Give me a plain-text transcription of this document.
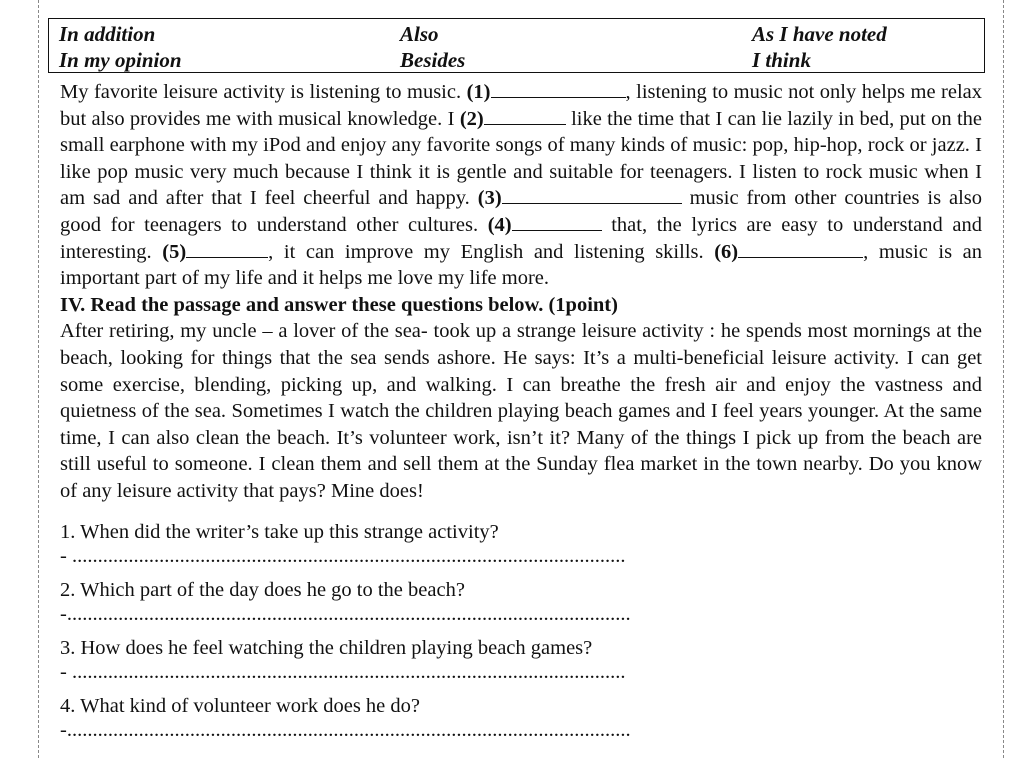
In addition	Also	As I have noted
In my opinion	Besides	I think

My favorite leisure activity is listening to music. (1)	, listening to music not only helps me relax but also provides me with musical knowledge. I (2)	like the time that I can lie lazily in bed, put on the small earphone with my iPod and enjoy any favorite songs of many kinds of music: pop, hip-hop, rock or jazz. I like pop music very much because I think it is gentle and suitable for teenagers. I listen to rock music when I am sad and after that I feel cheerful and happy. (3)	music from other countries is also good for teenagers to understand other cultures. (4)	that, the lyrics are easy to understand and interesting. (5)	, it can improve my English and listening skills. (6)	, music is an important part of my life and it helps me love my life more.

IV. Read the passage and answer these questions below. (1point)

After retiring, my uncle – a lover of the sea- took up a strange leisure activity : he spends most mornings at the beach, looking for things that the sea sends ashore. He says: It’s a multi-beneficial leisure activity. I can get some exercise, blending, picking up, and walking. I can breathe the fresh air and enjoy the vastness and quietness of the sea. Sometimes I watch the children playing beach games and I feel years younger. At the same time, I can also clean the beach. It’s volunteer work, isn’t it? Many of the things I pick up from the beach are still useful to someone. I clean them and sell them at the Sunday flea market in the town nearby. Do you know of any leisure activity that pays? Mine does!

1. When did the writer’s take up this strange activity?

- ............................................................................................................

2. Which part of the day does he go to the beach?

-..............................................................................................................

3. How does he feel watching the children playing beach games?

- ............................................................................................................

4. What kind of volunteer work does he do?

-..............................................................................................................
